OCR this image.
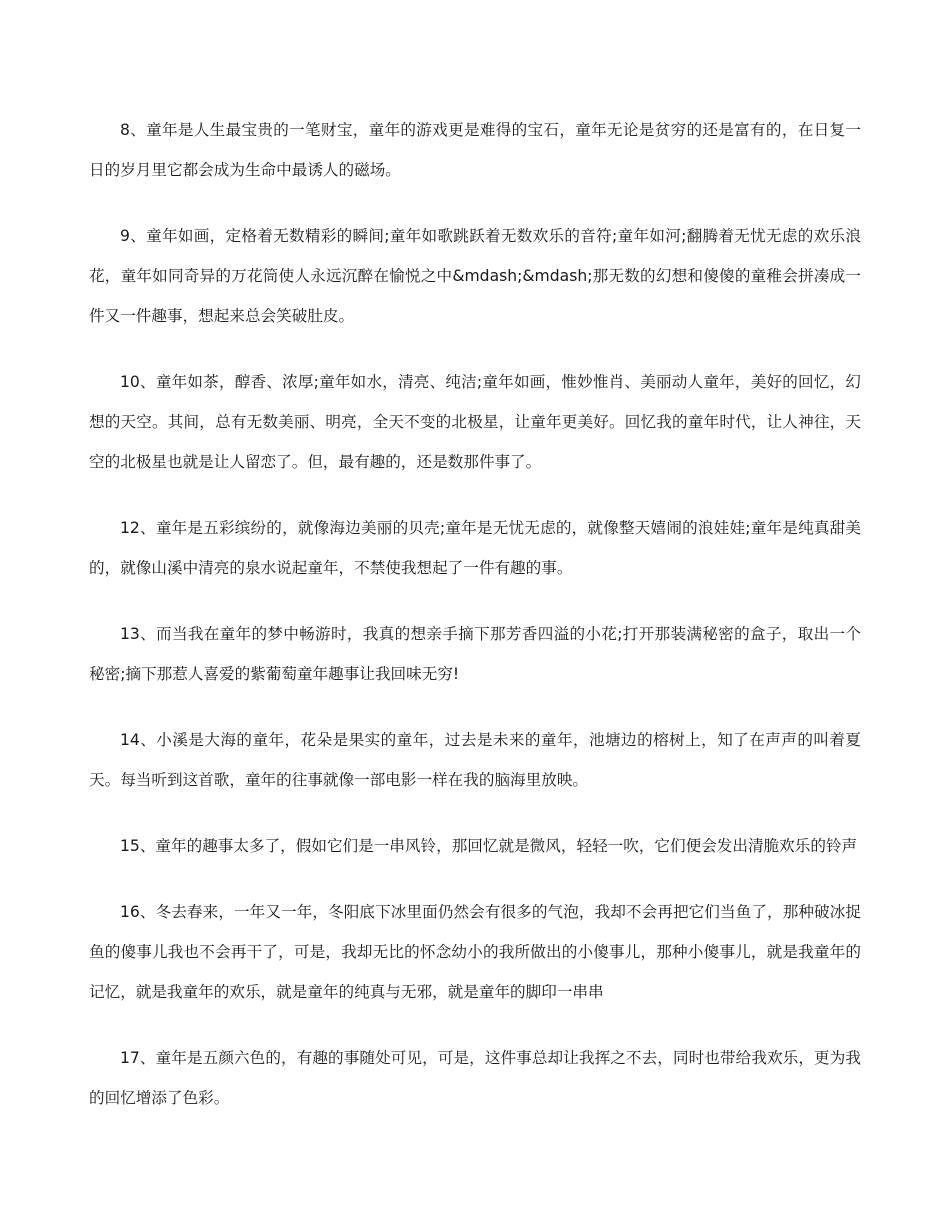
8、童年是人生最宝贵的一笔财宝，童年的游戏更是难得的宝石，童年无论是贫穷的还是富有的，在日复一日的岁月里它都会成为生命中最诱人的磁场。

9、童年如画，定格着无数精彩的瞬间;童年如歌跳跃着无数欢乐的音符;童年如河;翻腾着无忧无虑的欢乐浪花，童年如同奇异的万花筒使人永远沉醉在愉悦之中&mdash;&mdash;那无数的幻想和傻傻的童稚会拼凑成一件又一件趣事，想起来总会笑破肚皮。

10、童年如茶，醇香、浓厚;童年如水，清亮、纯洁;童年如画，惟妙惟肖、美丽动人童年，美好的回忆，幻想的天空。其间，总有无数美丽、明亮，全天不变的北极星，让童年更美好。回忆我的童年时代，让人神往，天空的北极星也就是让人留恋了。但，最有趣的，还是数那件事了。

12、童年是五彩缤纷的，就像海边美丽的贝壳;童年是无忧无虑的，就像整天嬉闹的浪娃娃;童年是纯真甜美的，就像山溪中清亮的泉水说起童年，不禁使我想起了一件有趣的事。

13、而当我在童年的梦中畅游时，我真的想亲手摘下那芳香四溢的小花;打开那装满秘密的盒子，取出一个秘密;摘下那惹人喜爱的紫葡萄童年趣事让我回味无穷!

14、小溪是大海的童年，花朵是果实的童年，过去是未来的童年，池塘边的榕树上，知了在声声的叫着夏天。每当听到这首歌，童年的往事就像一部电影一样在我的脑海里放映。

15、童年的趣事太多了，假如它们是一串风铃，那回忆就是微风，轻轻一吹，它们便会发出清脆欢乐的铃声

16、冬去春来，一年又一年，冬阳底下冰里面仍然会有很多的气泡，我却不会再把它们当鱼了，那种破冰捉鱼的傻事儿我也不会再干了，可是，我却无比的怀念幼小的我所做出的小傻事儿，那种小傻事儿，就是我童年的记忆，就是我童年的欢乐，就是童年的纯真与无邪，就是童年的脚印一串串

17、童年是五颜六色的，有趣的事随处可见，可是，这件事总却让我挥之不去，同时也带给我欢乐，更为我的回忆增添了色彩。
